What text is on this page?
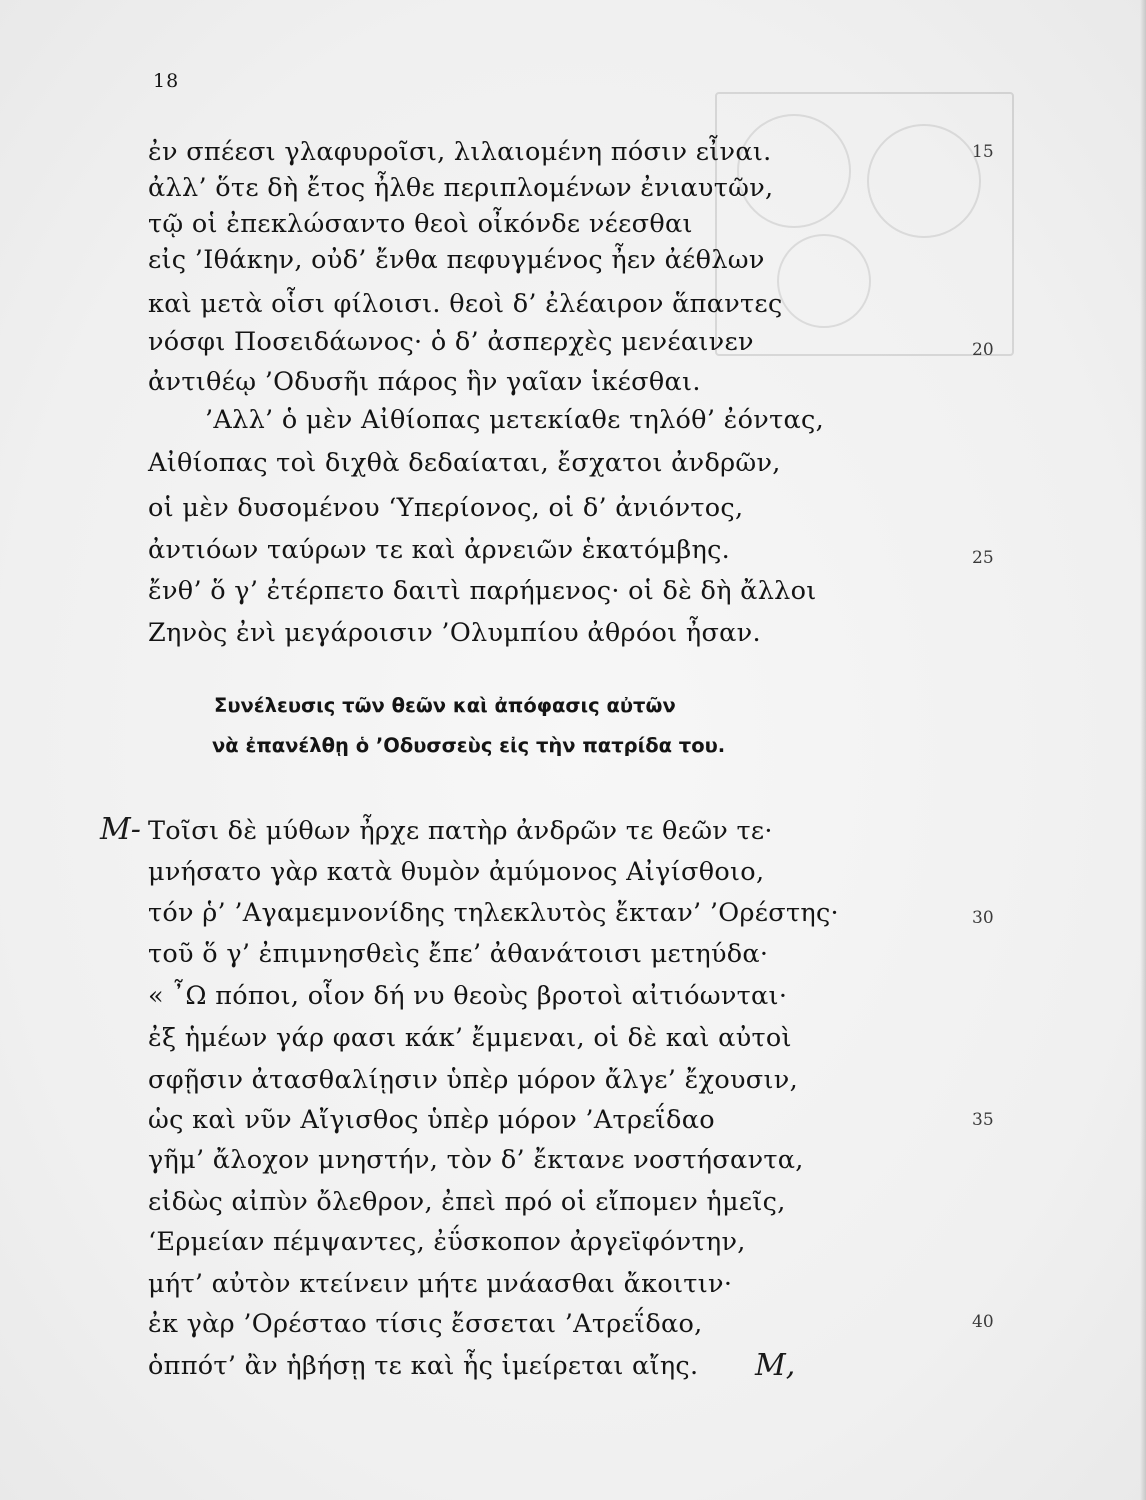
18
ἐν σπέεσι γλαφυροῖσι, λιλαιομένη πόσιν εἶναι.
ἀλλ’ ὅτε δὴ ἔτος ἦλθε περιπλομένων ἐνιαυτῶν,
τῷ οἱ ἐπεκλώσαντο θεοὶ οἶκόνδε νέεσθαι
εἰς ’Ιθάκην, οὐδ’ ἔνθα πεφυγμένος ἦεν ἀέθλων
καὶ μετὰ οἷσι φίλοισι. θεοὶ δ’ ἐλέαιρον ἅπαντες
νόσφι Ποσειδάωνος· ὁ δ’ ἀσπερχὲς μενέαινεν
ἀντιθέῳ ’Οδυσῆι πάρος ἣν γαῖαν ἱκέσθαι.
’Αλλ’ ὁ μὲν Αἰθίοπας μετεκίαθε τηλόθ’ ἐόντας,
Αἰθίοπας τοὶ διχθὰ δεδαίαται, ἔσχατοι ἀνδρῶν,
οἱ μὲν δυσομένου ‘Υπερίονος, οἱ δ’ ἀνιόντος,
ἀντιόων ταύρων τε καὶ ἀρνειῶν ἑκατόμβης.
ἔνθ’ ὅ γ’ ἐτέρπετο δαιτὶ παρήμενος· οἱ δὲ δὴ ἄλλοι
Ζηνὸς ἐνὶ μεγάροισιν ’Ολυμπίου ἀθρόοι ἦσαν.
Συνέλευσις τῶν θεῶν καὶ ἀπόφασις αὐτῶν
νὰ ἐπανέλθῃ ὁ ’Οδυσσεὺς εἰς τὴν πατρίδα του.
Μ- Τοῖσι δὲ μύθων ἦρχε πατὴρ ἀνδρῶν τε θεῶν τε·
μνήσατο γὰρ κατὰ θυμὸν ἀμύμονος Αἰγίσθοιο,
τόν ῥ’ ’Αγαμεμνονίδης τηλεκλυτὸς ἔκταν’ ’Ορέστης·
τοῦ ὅ γ’ ἐπιμνησθεὶς ἔπε’ ἀθανάτοισι μετηύδα·
« ῏Ω πόποι, οἷον δή νυ θεοὺς βροτοὶ αἰτιόωνται·
ἐξ ἡμέων γάρ φασι κάκ’ ἔμμεναι, οἱ δὲ καὶ αὐτοὶ
σφῇσιν ἀτασθαλίῃσιν ὑπὲρ μόρον ἄλγε’ ἔχουσιν,
ὡς καὶ νῦν Αἴγισθος ὑπὲρ μόρον ’Ατρεΐδαο
γῆμ’ ἄλοχον μνηστήν, τὸν δ’ ἔκτανε νοστήσαντα,
εἰδὼς αἰπὺν ὄλεθρον, ἐπεὶ πρό οἱ εἴπομεν ἡμεῖς,
‘Ερμείαν πέμψαντες, ἐΰσκοπον ἀργεϊφόντην,
μήτ’ αὐτὸν κτείνειν μήτε μνάασθαι ἄκοιτιν·
ἐκ γὰρ ’Ορέσταο τίσις ἔσσεται ’Ατρεΐδαο,
ὁππότ’ ἂν ἡβήσῃ τε καὶ ἧς ἱμείρεται αἴης. Μ,
15
20
25
30
35
40
